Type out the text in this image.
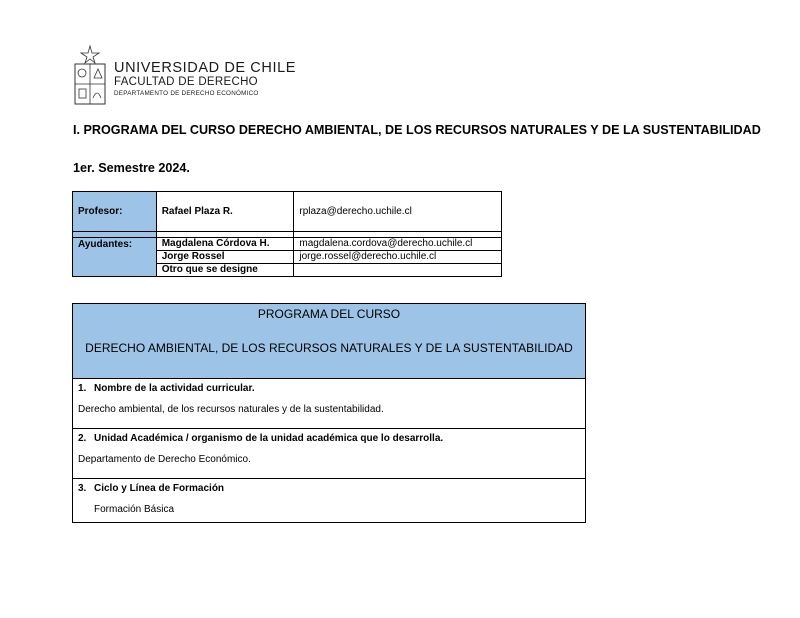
UNIVERSIDAD DE CHILE
FACULTAD DE DERECHO
DEPARTAMENTO DE DERECHO ECONÓMICO
I. PROGRAMA DEL CURSO DERECHO AMBIENTAL, DE LOS RECURSOS NATURALES Y DE LA SUSTENTABILIDAD
1er. Semestre 2024.
Profesor:	Rafael Plaza R.	rplaza@derecho.uchile.cl

Ayudantes:	Magdalena Córdova H.	magdalena.cordova@derecho.uchile.cl
	Jorge Rossel	jorge.rossel@derecho.uchile.cl
	Otro que se designe	
PROGRAMA DEL CURSO
DERECHO AMBIENTAL, DE LOS RECURSOS NATURALES Y DE LA SUSTENTABILIDAD
1. Nombre de la actividad curricular.
Derecho ambiental, de los recursos naturales y de la sustentabilidad.
2. Unidad Académica / organismo de la unidad académica que lo desarrolla.
Departamento de Derecho Económico.
3. Ciclo y Línea de Formación
Formación Básica
